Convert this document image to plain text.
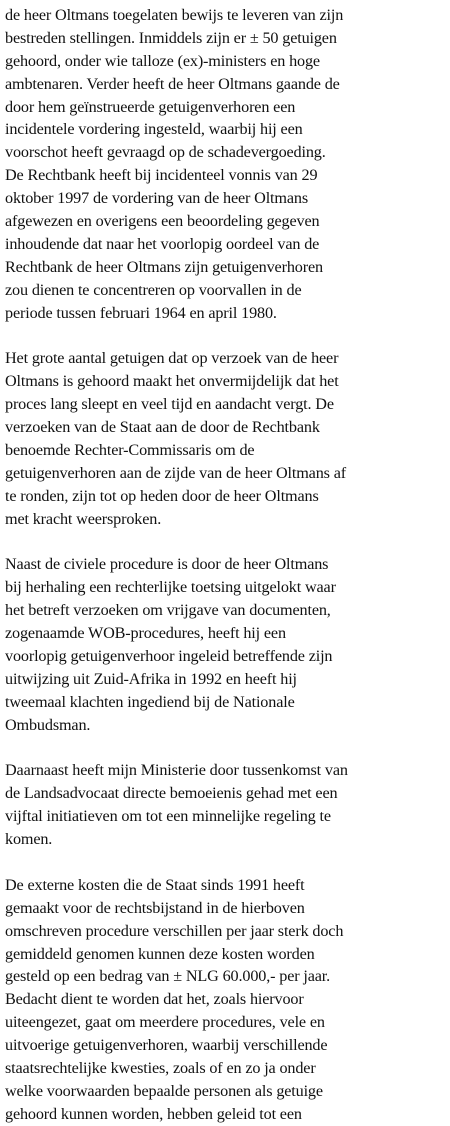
de heer Oltmans toegelaten bewijs te leveren van zijn
bestreden stellingen. Inmiddels zijn er ± 50 getuigen
gehoord, onder wie talloze (ex)-ministers en hoge
ambtenaren. Verder heeft de heer Oltmans gaande de
door hem geïnstrueerde getuigenverhoren een
incidentele vordering ingesteld, waarbij hij een
voorschot heeft gevraagd op de schadevergoeding.
De Rechtbank heeft bij incidenteel vonnis van 29
oktober 1997 de vordering van de heer Oltmans
afgewezen en overigens een beoordeling gegeven
inhoudende dat naar het voorlopig oordeel van de
Rechtbank de heer Oltmans zijn getuigenverhoren
zou dienen te concentreren op voorvallen in de
periode tussen februari 1964 en april 1980.
Het grote aantal getuigen dat op verzoek van de heer
Oltmans is gehoord maakt het onvermijdelijk dat het
proces lang sleept en veel tijd en aandacht vergt. De
verzoeken van de Staat aan de door de Rechtbank
benoemde Rechter-Commissaris om de
getuigenverhoren aan de zijde van de heer Oltmans af
te ronden, zijn tot op heden door de heer Oltmans
met kracht weersproken.
Naast de civiele procedure is door de heer Oltmans
bij herhaling een rechterlijke toetsing uitgelokt waar
het betreft verzoeken om vrijgave van documenten,
zogenaamde WOB-procedures, heeft hij een
voorlopig getuigenverhoor ingeleid betreffende zijn
uitwijzing uit Zuid-Afrika in 1992 en heeft hij
tweemaal klachten ingediend bij de Nationale
Ombudsman.
Daarnaast heeft mijn Ministerie door tussenkomst van
de Landsadvocaat directe bemoeienis gehad met een
vijftal initiatieven om tot een minnelijke regeling te
komen.
De externe kosten die de Staat sinds 1991 heeft
gemaakt voor de rechtsbijstand in de hierboven
omschreven procedure verschillen per jaar sterk doch
gemiddeld genomen kunnen deze kosten worden
gesteld op een bedrag van ± NLG 60.000,- per jaar.
Bedacht dient te worden dat het, zoals hiervoor
uiteengezet, gaat om meerdere procedures, vele en
uitvoerige getuigenverhoren, waarbij verschillende
staatsrechtelijke kwesties, zoals of en zo ja onder
welke voorwaarden bepaalde personen als getuige
gehoord kunnen worden, hebben geleid tot een
